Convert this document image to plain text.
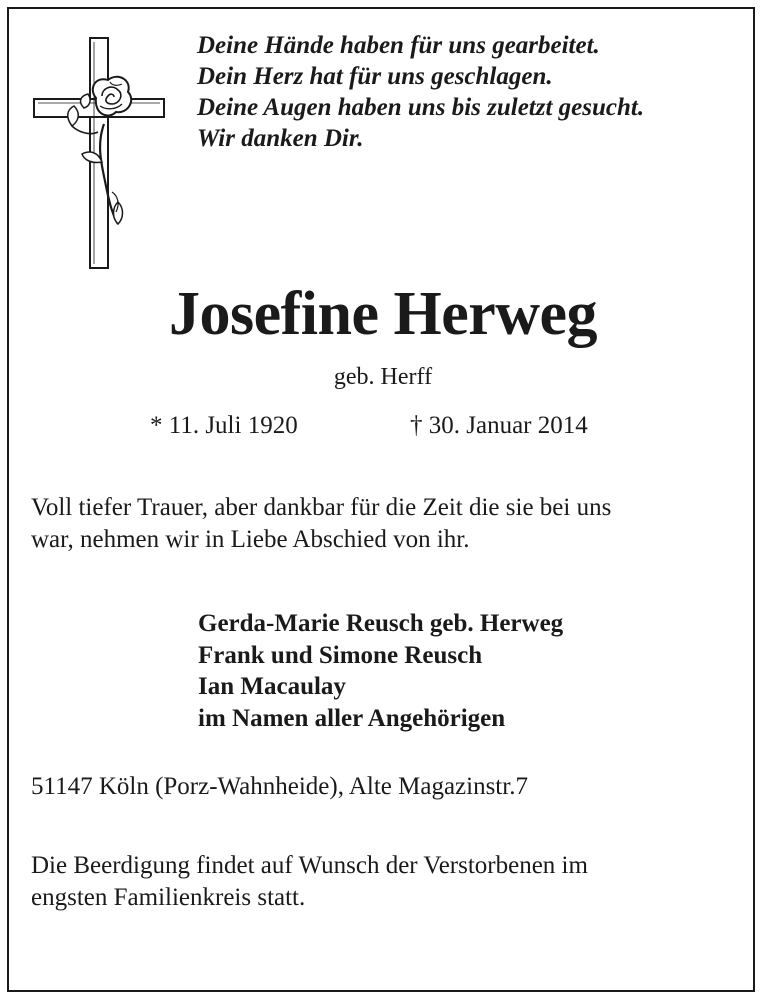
Deine Hände haben für uns gearbeitet.
Dein Herz hat für uns geschlagen.
Deine Augen haben uns bis zuletzt gesucht.
Wir danken Dir.
Josefine Herweg
geb. Herff
* 11. Juli 1920	† 30. Januar 2014
Voll tiefer Trauer, aber dankbar für die Zeit die sie bei uns
war, nehmen wir in Liebe Abschied von ihr.
Gerda-Marie Reusch geb. Herweg
Frank und Simone Reusch
Ian Macaulay
im Namen aller Angehörigen
51147 Köln (Porz-Wahnheide), Alte Magazinstr.7
Die Beerdigung findet auf Wunsch der Verstorbenen im
engsten Familienkreis statt.
